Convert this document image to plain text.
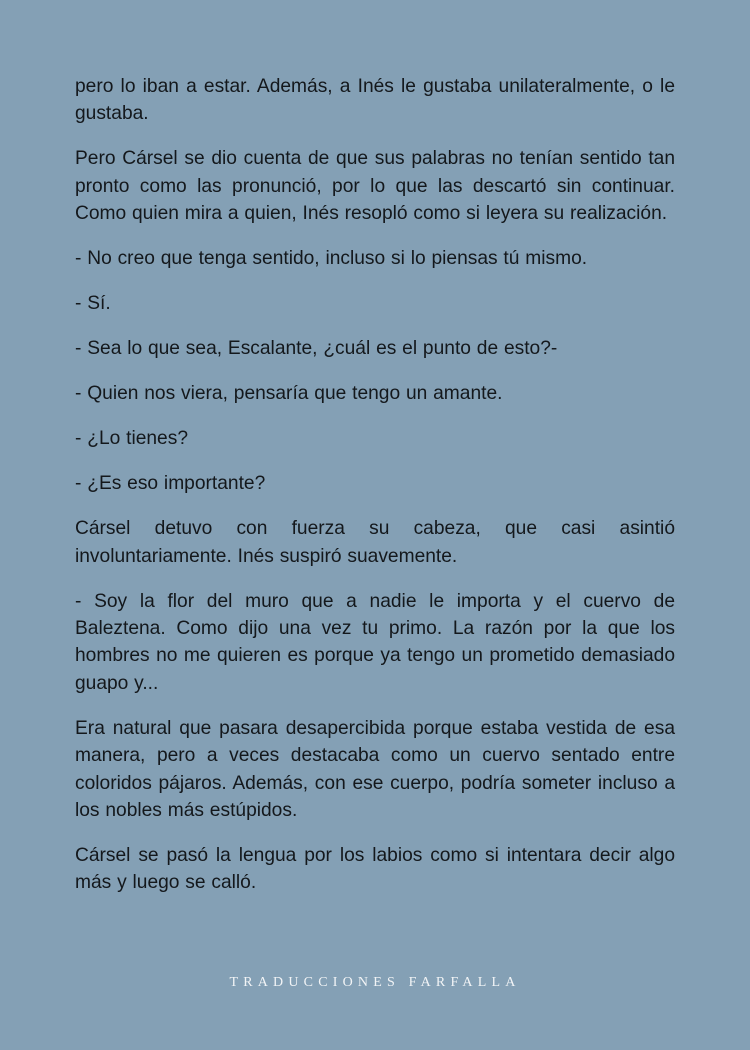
pero lo iban a estar. Además, a Inés le gustaba unilateralmente, o le gustaba.

Pero Cársel se dio cuenta de que sus palabras no tenían sentido tan pronto como las pronunció, por lo que las descartó sin continuar. Como quien mira a quien, Inés resopló como si leyera su realización.

- No creo que tenga sentido, incluso si lo piensas tú mismo.

- Sí.

- Sea lo que sea, Escalante, ¿cuál es el punto de esto?-

- Quien nos viera, pensaría que tengo un amante.

- ¿Lo tienes?

- ¿Es eso importante?

Cársel detuvo con fuerza su cabeza, que casi asintió involuntariamente. Inés suspiró suavemente.

- Soy la flor del muro que a nadie le importa y el cuervo de Baleztena. Como dijo una vez tu primo. La razón por la que los hombres no me quieren es porque ya tengo un prometido demasiado guapo y...

Era natural que pasara desapercibida porque estaba vestida de esa manera, pero a veces destacaba como un cuervo sentado entre coloridos pájaros. Además, con ese cuerpo, podría someter incluso a los nobles más estúpidos.

Cársel se pasó la lengua por los labios como si intentara decir algo más y luego se calló.

TRADUCCIONES FARFALLA
